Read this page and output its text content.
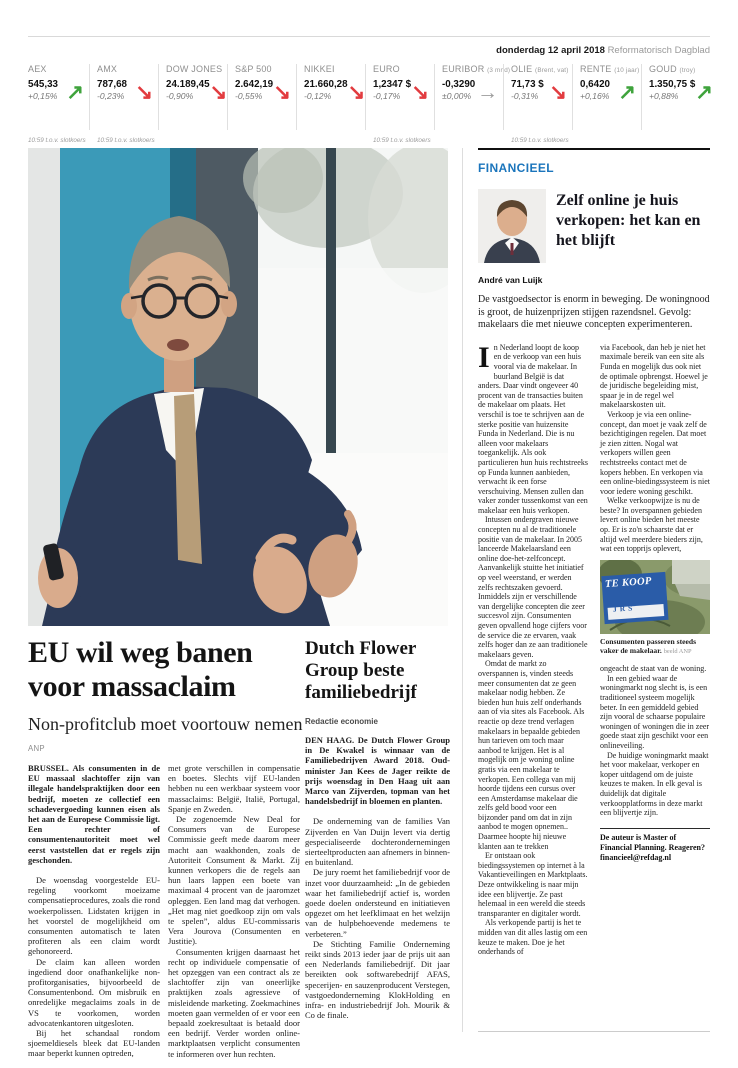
donderdag 12 april 2018 Reformatorisch Dagblad
AEX
545,33
+0,15% ↗
10:59 t.o.v. slotkoers
AMX
787,68
-0,23% ↘
10:59 t.o.v. slotkoers
DOW JONES
24.189,45
-0,90% ↘
S&P 500
2.642,19
-0,55% ↘
NIKKEI
21.660,28
-0,12% ↘
EURO
1,2347 $
-0,17% ↘
10:59 t.o.v. slotkoers
EURIBOR (3 mnd)
-0,3290
±0,00% →
OLIE (Brent, vat)
71,73 $
-0,31% ↘
10:59 t.o.v. slotkoers
RENTE (10 jaar)
0,6420
+0,16% ↗
GOUD (troy)
1.350,75 $
+0,88% ↗
EU wil weg banen voor massaclaim
Non-profitclub moet voortouw nemen
ANP

BRUSSEL. Als consumenten in de EU massaal slachtoffer zijn van illegale handelspraktijken door een bedrijf, moeten ze collectief een schadevergoeding kunnen eisen als het aan de Europese Commissie ligt. Een rechter of consumentenautoriteit moet wel eerst vaststellen dat er regels zijn geschonden.

De woensdag voorgestelde EU-regeling voorkomt moeizame compensatieprocedures, zoals die rond woekerpolissen. Lidstaten krijgen in het voorstel de mogelijkheid om consumenten automatisch te laten profiteren als een claim wordt gehonoreerd.

De claim kan alleen worden ingediend door onafhankelijke non-profitorganisaties, bijvoorbeeld de Consumentenbond. Om misbruik en onredelijke megaclaims zoals in de VS te voorkomen, worden advocatenkantoren uitgesloten.

Bij het schandaal rondom sjoemeldiesels bleek dat EU-landen maar beperkt kunnen optreden,

met grote verschillen in compensatie en boetes. Slechts vijf EU-landen hebben nu een werkbaar systeem voor massaclaims: België, Italië, Portugal, Spanje en Zweden.

De zogenoemde New Deal for Consumers van de Europese Commissie geeft mede daarom meer macht aan waakhonden, zoals de Autoriteit Consument & Markt. Zij kunnen verkopers die de regels aan hun laars lappen een boete van maximaal 4 procent van de jaaromzet opleggen. Een land mag dat verhogen. „Het mag niet goedkoop zijn om vals te spelen”, aldus EU-commissaris Vera Jourova (Consumenten en Justitie).

Consumenten krijgen daarnaast het recht op individuele compensatie of het opzeggen van een contract als ze slachtoffer zijn van oneerlijke praktijken zoals agressieve of misleidende marketing. Zoekmachines moeten gaan vermelden of er voor een bepaald zoekresultaat is betaald door een bedrijf. Verder worden online-marktplaatsen verplicht consumenten te informeren over hun rechten.

Dutch Flower Group beste familiebedrijf
Redactie economie

DEN HAAG. De Dutch Flower Group in De Kwakel is winnaar van de Familiebedrijven Award 2018. Oud-minister Jan Kees de Jager reikte de prijs woensdag in Den Haag uit aan Marco van Zijverden, topman van het handelsbedrijf in bloemen en planten.

De onderneming van de families Van Zijverden en Van Duijn levert via dertig gespecialiseerde dochterondernemingen sierteeltproducten aan afnemers in binnen- en buitenland.

De jury roemt het familiebedrijf voor de inzet voor duurzaamheid: „In de gebieden waar het familiebedrijf actief is, worden goede doelen ondersteund en initiatieven opgezet om het leefklimaat en het welzijn van de hulpbehoevende medemens te verbeteren.”

De Stichting Familie Onderneming reikt sinds 2013 ieder jaar de prijs uit aan een Nederlands familiebedrijf. Dit jaar bereikten ook softwarebedrijf AFAS, specerijen- en sauzenproducent Verstegen, vastgoedonderneming KlokHolding en infra- en industriebedrijf Joh. Mourik & Co de finale.

FINANCIEEL
Zelf online je huis verkopen: het kan en het blijft
André van Luijk
De vastgoedsector is enorm in beweging. De woningnood is groot, de huizenprijzen stijgen razendsnel. Gevolg: makelaars die met nieuwe concepten experimenteren.

In Nederland loopt de koop en de verkoop van een huis vooral via de makelaar. In buurland België is dat anders. Daar vindt ongeveer 40 procent van de transacties buiten de makelaar om plaats. Het verschil is toe te schrijven aan de sterke positie van huizensite Funda in Nederland. Die is nu alleen voor makelaars toegankelijk. Als ook particulieren hun huis rechtstreeks op Funda kunnen aanbieden, verwacht ik een forse verschuiving. Mensen zullen dan vaker zonder tussenkomst van een makelaar een huis verkopen.

Intussen ondergraven nieuwe concepten nu al de traditionele positie van de makelaar. In 2005 lanceerde Makelaarsland een online doe-het-zelfconcept. Aanvankelijk stuitte het initiatief op veel weerstand, er werden zelfs rechtszaken gevoerd. Inmiddels zijn er verschillende van dergelijke concepten die zeer succesvol zijn. Consumenten geven opvallend hoge cijfers voor de service die ze ervaren, vaak zelfs hoger dan ze aan traditionele makelaars geven.

Omdat de markt zo overspannen is, vinden steeds meer consumenten dat ze geen makelaar nodig hebben. Ze bieden hun huis zelf onderhands aan of via sites als Facebook. Als reactie op deze trend verlagen makelaars in bepaalde gebieden hun tarieven om toch maar aanbod te krijgen. Het is al mogelijk om je woning online gratis via een makelaar te verkopen. Een collega van mij hoorde tijdens een cursus over een Amsterdamse makelaar die zelfs geld bood voor een bijzonder pand om dat in zijn aanbod te mogen opnemen.. Daarmee hoopte hij nieuwe klanten aan te trekken

Er ontstaan ook biedingssystemen op internet à la Vakantieveilingen en Marktplaats. Deze ontwikkeling is naar mijn idee een blijvertje. Ze past helemaal in een wereld die steeds transparanter en digitaler wordt.

Als verkopende partij is het te midden van dit alles lastig om een keuze te maken. Doe je het onderhands of

via Facebook, dan heb je niet het maximale bereik van een site als Funda en mogelijk dus ook niet de optimale opbrengst. Hoewel je de juridische begeleiding mist, spaar je in de regel wel makelaarskosten uit.

Verkoop je via een online-concept, dan moet je vaak zelf de bezichtigingen regelen. Dat moet je zien zitten. Nogal wat verkopers willen geen rechtstreeks contact met de kopers hebben. En verkopen via een online-biedingssysteem is niet voor iedere woning geschikt.

Welke verkoopwijze is nu de beste? In overspannen gebieden levert online bieden het meeste op. Er is zo'n schaarste dat er altijd wel meerdere bieders zijn, wat een topprijs oplevert,

TE KOOP
JRS
Consumenten passeren steeds vaker de makelaar. beeld ANP

ongeacht de staat van de woning.

In een gebied waar de woningmarkt nog slecht is, is een traditioneel systeem mogelijk beter. In een gemiddeld gebied zijn vooral de schaarse populaire woningen of woningen die in zeer goede staat zijn geschikt voor een onlineveiling.

De huidige woningmarkt maakt het voor makelaar, verkoper en koper uitdagend om de juiste keuzes te maken. In elk geval is duidelijk dat digitale verkoopplatforms in deze markt een blijvertje zijn.

De auteur is Master of Financial Planning. Reageren? financieel@refdag.nl
